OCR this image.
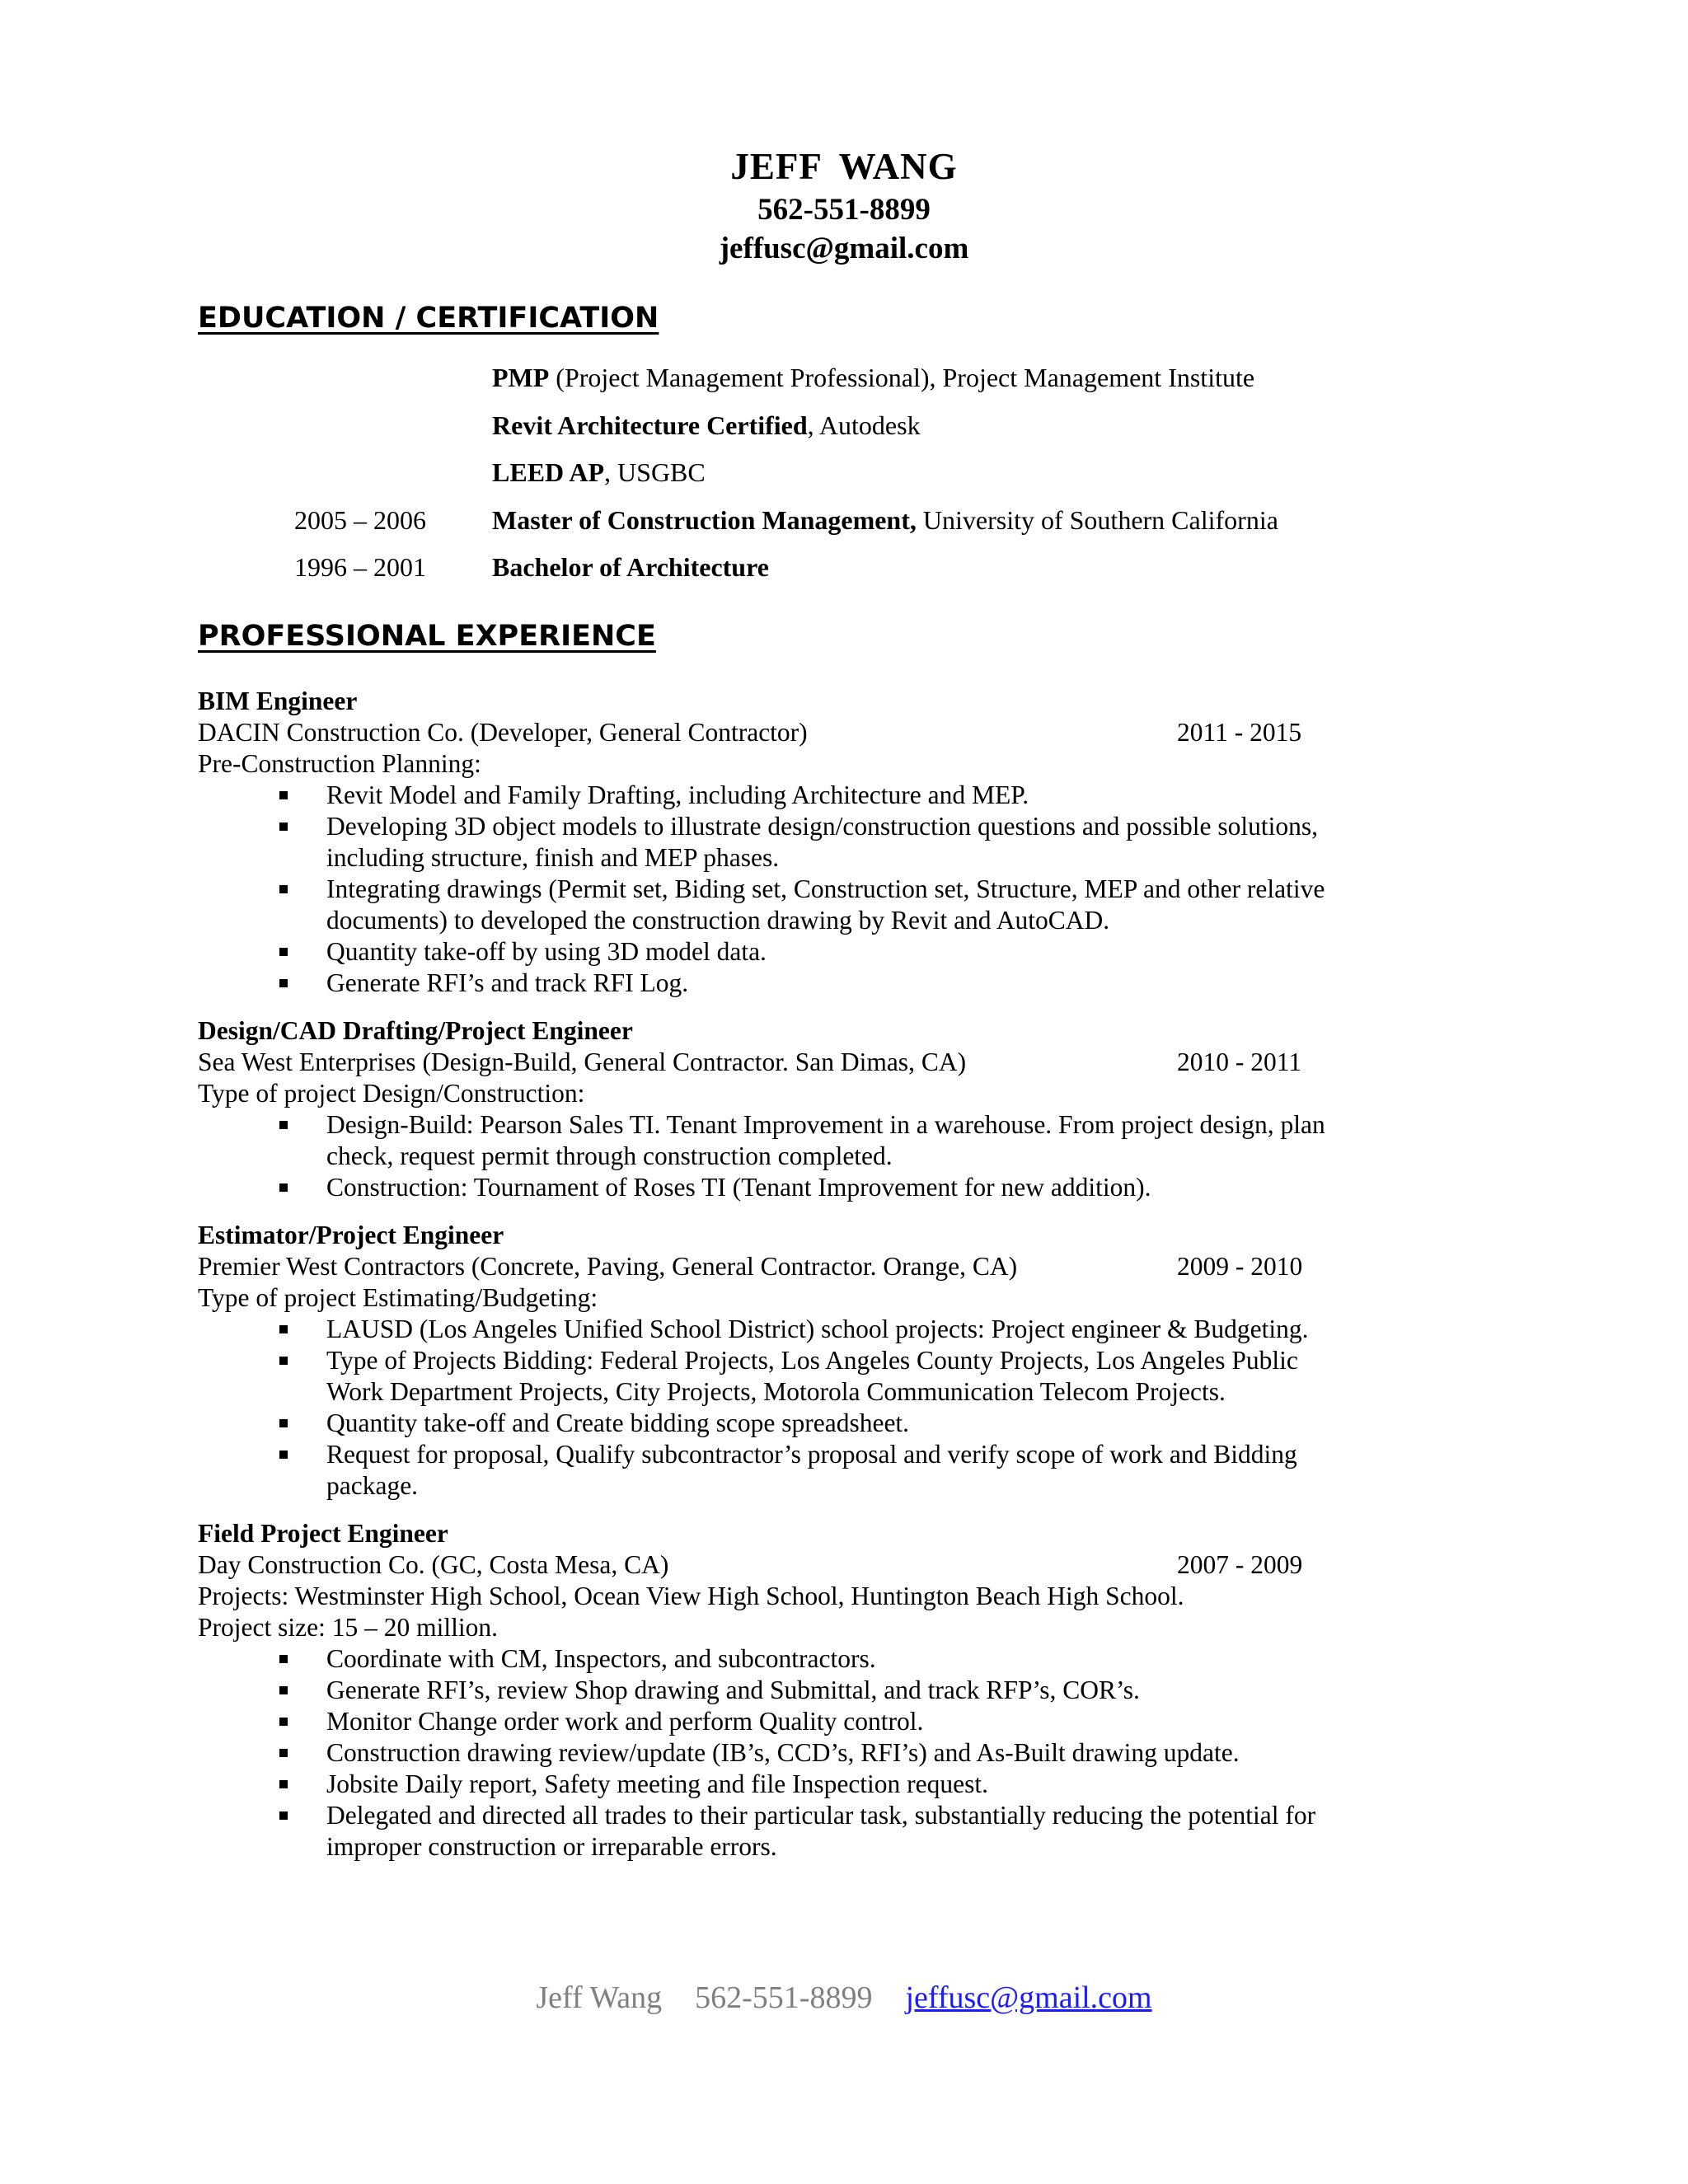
JEFF WANG
562-551-8899
jeffusc@gmail.com
EDUCATION / CERTIFICATION
PMP (Project Management Professional), Project Management Institute
Revit Architecture Certified, Autodesk
LEED AP, USGBC
2005 – 2006	Master of Construction Management, University of Southern California
1996 – 2001	Bachelor of Architecture
PROFESSIONAL EXPERIENCE
BIM Engineer
DACIN Construction Co. (Developer, General Contractor)	2011 - 2015
Pre-Construction Planning:
Revit Model and Family Drafting, including Architecture and MEP.
Developing 3D object models to illustrate design/construction questions and possible solutions, including structure, finish and MEP phases.
Integrating drawings (Permit set, Biding set, Construction set, Structure, MEP and other relative documents) to developed the construction drawing by Revit and AutoCAD.
Quantity take-off by using 3D model data.
Generate RFI’s and track RFI Log.
Design/CAD Drafting/Project Engineer
Sea West Enterprises (Design-Build, General Contractor. San Dimas, CA)	2010 - 2011
Type of project Design/Construction:
Design-Build: Pearson Sales TI. Tenant Improvement in a warehouse. From project design, plan check, request permit through construction completed.
Construction: Tournament of Roses TI (Tenant Improvement for new addition).
Estimator/Project Engineer
Premier West Contractors (Concrete, Paving, General Contractor. Orange, CA)	2009 - 2010
Type of project Estimating/Budgeting:
LAUSD (Los Angeles Unified School District) school projects: Project engineer & Budgeting.
Type of Projects Bidding: Federal Projects, Los Angeles County Projects, Los Angeles Public Work Department Projects, City Projects, Motorola Communication Telecom Projects.
Quantity take-off and Create bidding scope spreadsheet.
Request for proposal, Qualify subcontractor’s proposal and verify scope of work and Bidding package.
Field Project Engineer
Day Construction Co. (GC, Costa Mesa, CA)	2007 - 2009
Projects: Westminster High School, Ocean View High School, Huntington Beach High School.
Project size: 15 – 20 million.
Coordinate with CM, Inspectors, and subcontractors.
Generate RFI’s, review Shop drawing and Submittal, and track RFP’s, COR’s.
Monitor Change order work and perform Quality control.
Construction drawing review/update (IB’s, CCD’s, RFI’s) and As-Built drawing update.
Jobsite Daily report, Safety meeting and file Inspection request.
Delegated and directed all trades to their particular task, substantially reducing the potential for improper construction or irreparable errors.
Jeff Wang 562-551-8899 jeffusc@gmail.com
